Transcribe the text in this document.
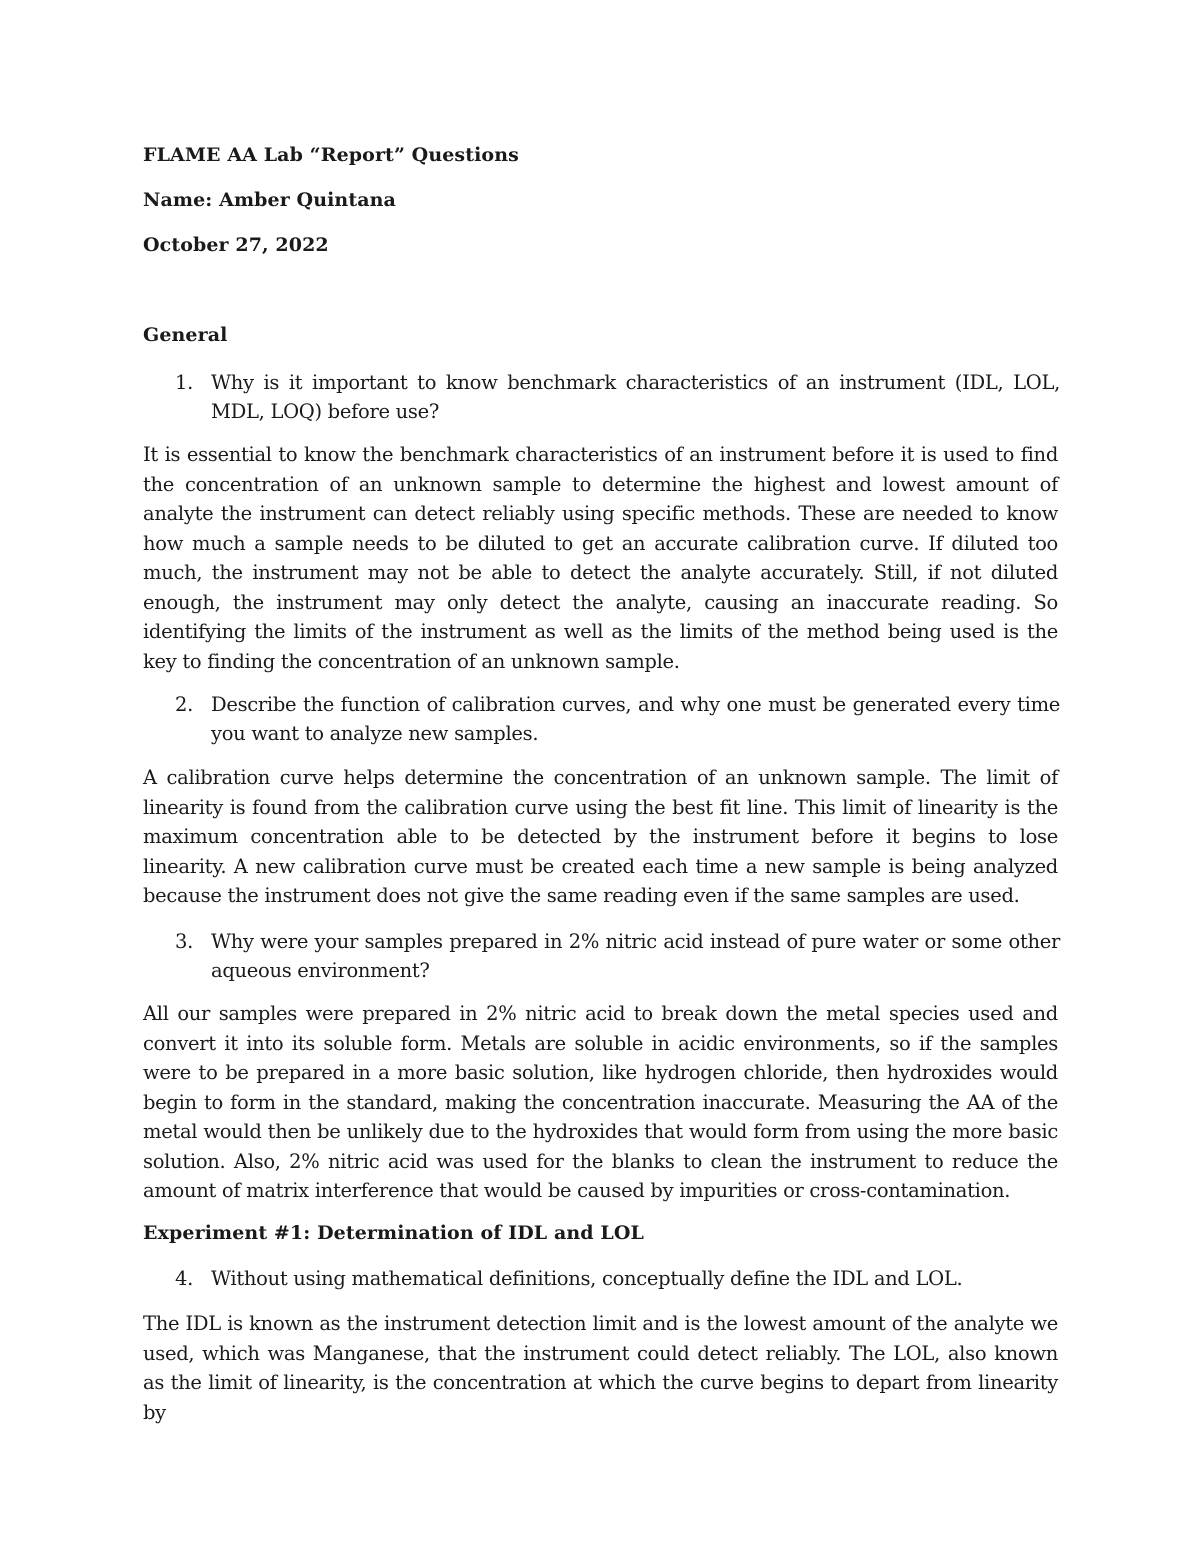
FLAME AA Lab “Report” Questions
Name: Amber Quintana
October 27, 2022
General
1. Why is it important to know benchmark characteristics of an instrument (IDL, LOL, MDL, LOQ) before use?
It is essential to know the benchmark characteristics of an instrument before it is used to find the concentration of an unknown sample to determine the highest and lowest amount of analyte the instrument can detect reliably using specific methods. These are needed to know how much a sample needs to be diluted to get an accurate calibration curve. If diluted too much, the instrument may not be able to detect the analyte accurately. Still, if not diluted enough, the instrument may only detect the analyte, causing an inaccurate reading. So identifying the limits of the instrument as well as the limits of the method being used is the key to finding the concentration of an unknown sample.
2. Describe the function of calibration curves, and why one must be generated every time you want to analyze new samples.
A calibration curve helps determine the concentration of an unknown sample. The limit of linearity is found from the calibration curve using the best fit line. This limit of linearity is the maximum concentration able to be detected by the instrument before it begins to lose linearity. A new calibration curve must be created each time a new sample is being analyzed because the instrument does not give the same reading even if the same samples are used.
3. Why were your samples prepared in 2% nitric acid instead of pure water or some other aqueous environment?
All our samples were prepared in 2% nitric acid to break down the metal species used and convert it into its soluble form. Metals are soluble in acidic environments, so if the samples were to be prepared in a more basic solution, like hydrogen chloride, then hydroxides would begin to form in the standard, making the concentration inaccurate. Measuring the AA of the metal would then be unlikely due to the hydroxides that would form from using the more basic solution. Also, 2% nitric acid was used for the blanks to clean the instrument to reduce the amount of matrix interference that would be caused by impurities or cross-contamination.
Experiment #1: Determination of IDL and LOL
4. Without using mathematical definitions, conceptually define the IDL and LOL.
The IDL is known as the instrument detection limit and is the lowest amount of the analyte we used, which was Manganese, that the instrument could detect reliably. The LOL, also known as the limit of linearity, is the concentration at which the curve begins to depart from linearity by
